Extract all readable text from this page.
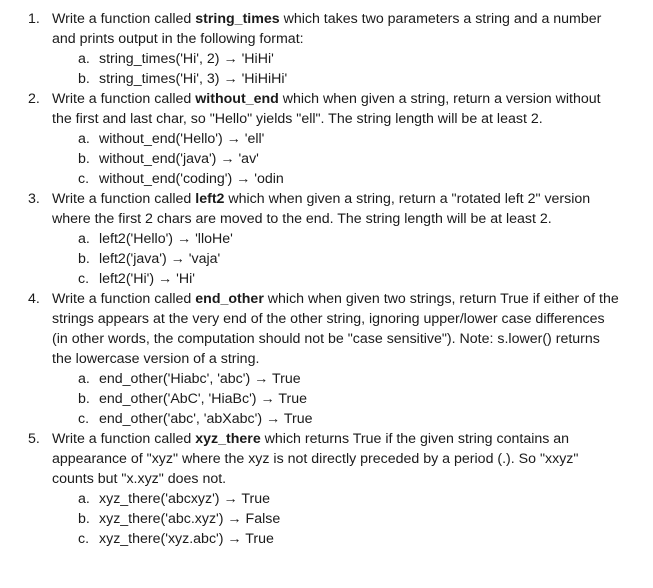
1. Write a function called string_times which takes two parameters a string and a number and prints output in the following format:
a. string_times('Hi', 2) → 'HiHi'
b. string_times('Hi', 3) → 'HiHiHi'
2. Write a function called without_end which when given a string, return a version without the first and last char, so "Hello" yields "ell". The string length will be at least 2.
a. without_end('Hello') → 'ell'
b. without_end('java') → 'av'
c. without_end('coding') → 'odin
3. Write a function called left2 which when given a string, return a "rotated left 2" version where the first 2 chars are moved to the end. The string length will be at least 2.
a. left2('Hello') → 'lloHe'
b. left2('java') → 'vaja'
c. left2('Hi') → 'Hi'
4. Write a function called end_other which when given two strings, return True if either of the strings appears at the very end of the other string, ignoring upper/lower case differences (in other words, the computation should not be "case sensitive"). Note: s.lower() returns the lowercase version of a string.
a. end_other('Hiabc', 'abc') → True
b. end_other('AbC', 'HiaBc') → True
c. end_other('abc', 'abXabc') → True
5. Write a function called xyz_there which returns True if the given string contains an appearance of "xyz" where the xyz is not directly preceded by a period (.). So "xxyz" counts but "x.xyz" does not.
a. xyz_there('abcxyz') → True
b. xyz_there('abc.xyz') → False
c. xyz_there('xyz.abc') → True
